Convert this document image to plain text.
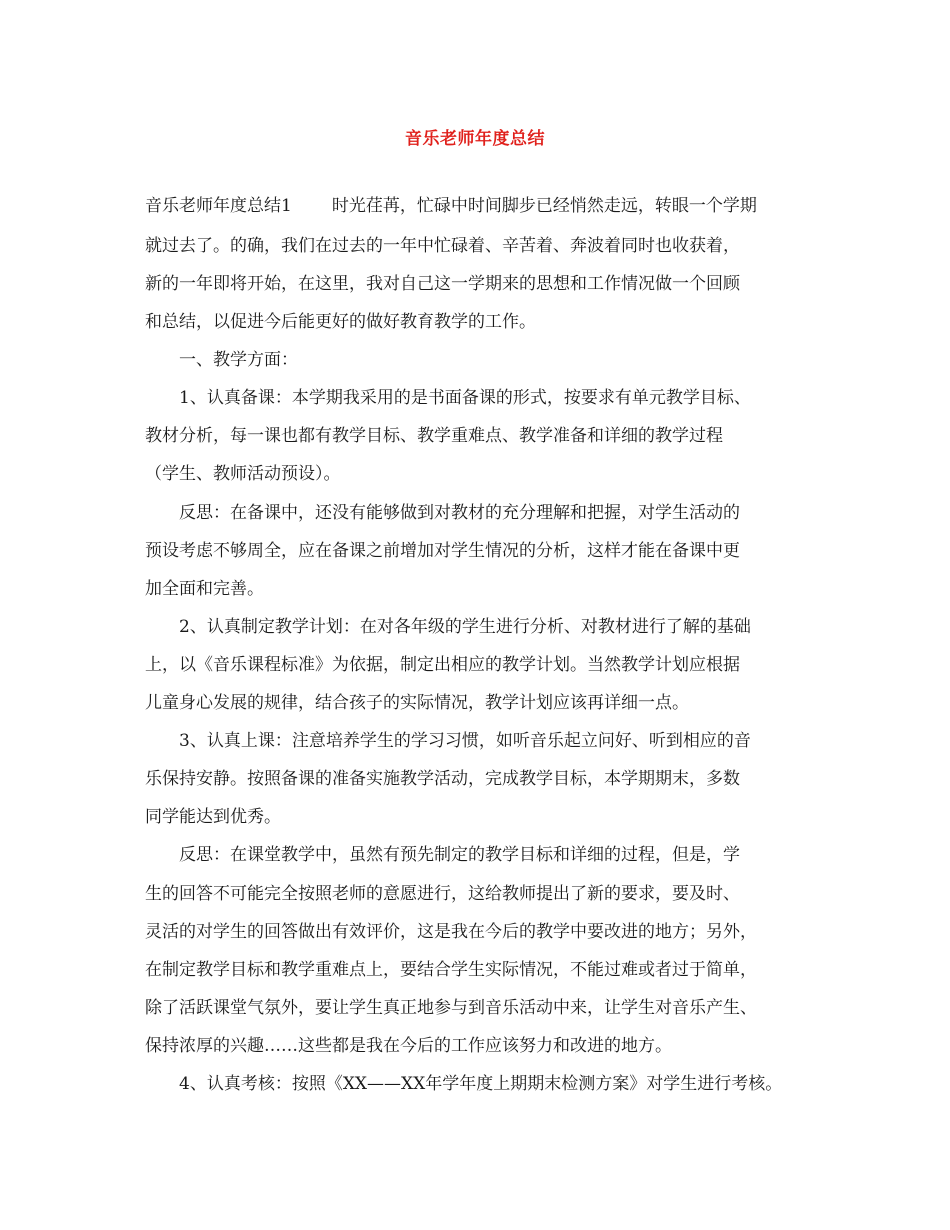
音乐老师年度总结
音乐老师年度总结1 时光荏苒，忙碌中时间脚步已经悄然走远，转眼一个学期
就过去了。的确，我们在过去的一年中忙碌着、辛苦着、奔波着同时也收获着，
新的一年即将开始，在这里，我对自己这一学期来的思想和工作情况做一个回顾
和总结，以促进今后能更好的做好教育教学的工作。
　　一、教学方面：
　　1、认真备课：本学期我采用的是书面备课的形式，按要求有单元教学目标、
教材分析，每一课也都有教学目标、教学重难点、教学准备和详细的教学过程
（学生、教师活动预设）。
　　反思：在备课中，还没有能够做到对教材的充分理解和把握，对学生活动的
预设考虑不够周全，应在备课之前增加对学生情况的分析，这样才能在备课中更
加全面和完善。
　　2、认真制定教学计划：在对各年级的学生进行分析、对教材进行了解的基础
上，以《音乐课程标准》为依据，制定出相应的教学计划。当然教学计划应根据
儿童身心发展的规律，结合孩子的实际情况，教学计划应该再详细一点。
　　3、认真上课：注意培养学生的学习习惯，如听音乐起立问好、听到相应的音
乐保持安静。按照备课的准备实施教学活动，完成教学目标，本学期期末，多数
同学能达到优秀。
　　反思：在课堂教学中，虽然有预先制定的教学目标和详细的过程，但是，学
生的回答不可能完全按照老师的意愿进行，这给教师提出了新的要求，要及时、
灵活的对学生的回答做出有效评价，这是我在今后的教学中要改进的地方；另外，
在制定教学目标和教学重难点上，要结合学生实际情况，不能过难或者过于简单，
除了活跃课堂气氛外，要让学生真正地参与到音乐活动中来，让学生对音乐产生、
保持浓厚的兴趣……这些都是我在今后的工作应该努力和改进的地方。
　　4、认真考核：按照《XX——XX年学年度上期期末检测方案》对学生进行考核。
